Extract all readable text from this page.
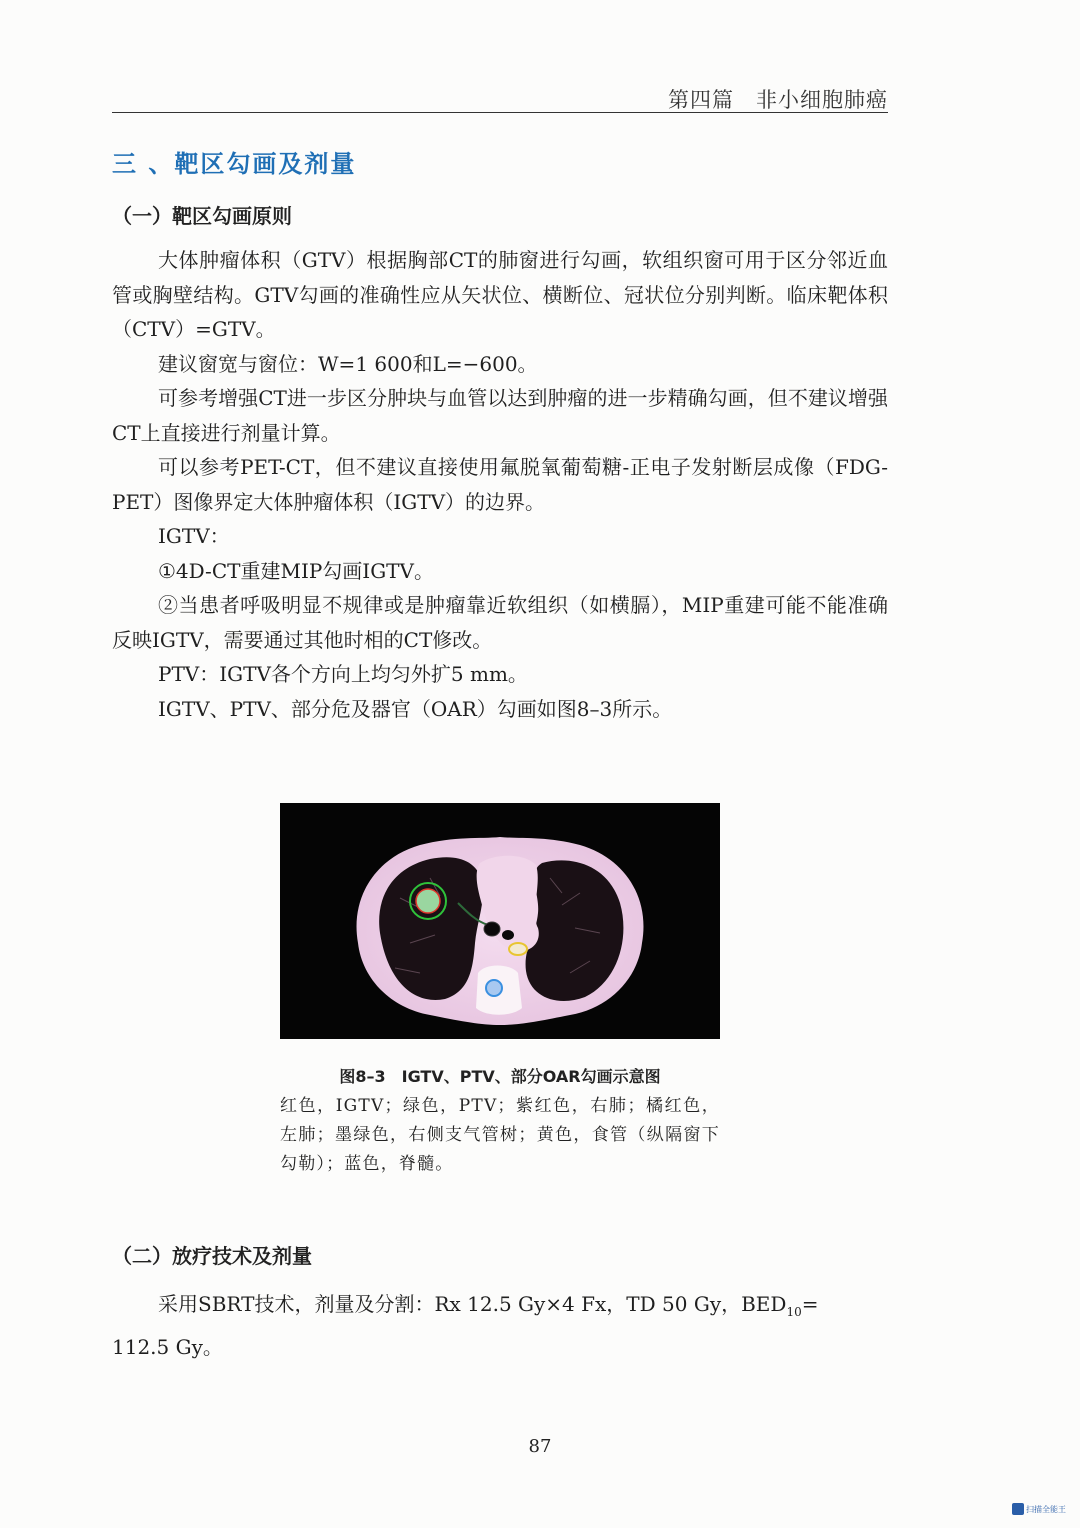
第四篇　非小细胞肺癌
三 、靶区勾画及剂量
（一）靶区勾画原则

大体肿瘤体积（GTV）根据胸部CT的肺窗进行勾画，软组织窗可用于区分邻近血管或胸壁结构。GTV勾画的准确性应从矢状位、横断位、冠状位分别判断。临床靶体积（CTV）=GTV。

建议窗宽与窗位：W=1 600和L=−600。

可参考增强CT进一步区分肿块与血管以达到肿瘤的进一步精确勾画，但不建议增强CT上直接进行剂量计算。

可以参考PET-CT，但不建议直接使用氟脱氧葡萄糖-正电子发射断层成像（FDG-PET）图像界定大体肿瘤体积（IGTV）的边界。

IGTV：

①4D-CT重建MIP勾画IGTV。

②当患者呼吸明显不规律或是肿瘤靠近软组织（如横膈），MIP重建可能不能准确反映IGTV，需要通过其他时相的CT修改。

PTV：IGTV各个方向上均匀外扩5 mm。

IGTV、PTV、部分危及器官（OAR）勾画如图8–3所示。

图8–3　IGTV、PTV、部分OAR勾画示意图
红色，IGTV；绿色，PTV；紫红色，右肺；橘红色，左肺；墨绿色，右侧支气管树；黄色，食管（纵隔窗下勾勒）；蓝色，脊髓。
（二）放疗技术及剂量

采用SBRT技术，剂量及分割：Rx 12.5 Gy×4 Fx，TD 50 Gy，$BED_{10}=$

112.5 Gy。

87
扫描全能王
